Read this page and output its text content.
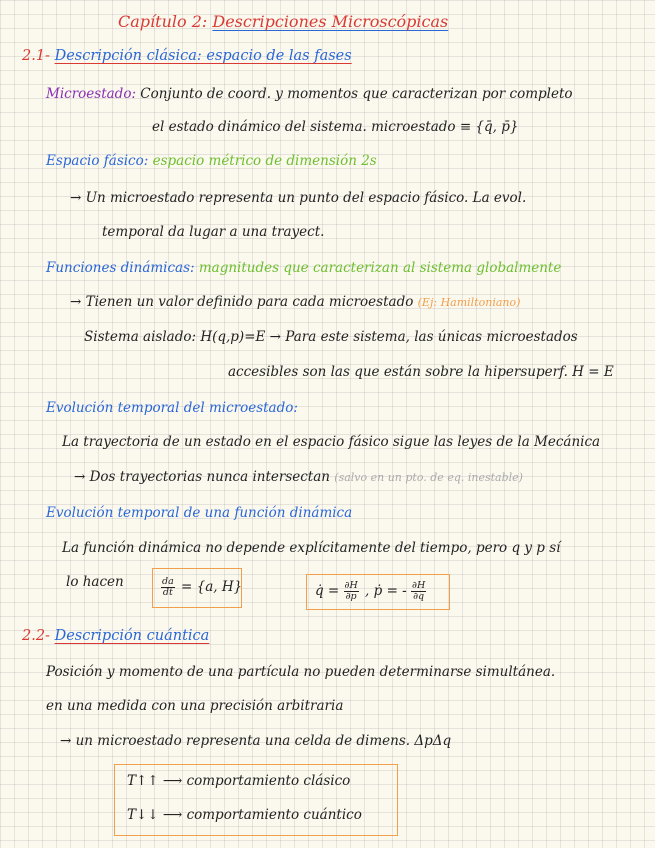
Capítulo 2: Descripciones Microscópicas
2.1- Descripción clásica: espacio de las fases
Microestado: Conjunto de coord. y momentos que caracterizan por completo
el estado dinámico del sistema. microestado ≡ {q̄, p̄}
Espacio fásico: espacio métrico de dimensión 2s
→ Un microestado representa un punto del espacio fásico. La evol.
temporal da lugar a una trayect.
Funciones dinámicas: magnitudes que caracterizan al sistema globalmente
→ Tienen un valor definido para cada microestado (Ej: Hamiltoniano)
Sistema aislado: H(q,p)=E → Para este sistema, las únicas microestados
accesibles son las que están sobre la hipersuperf. H = E
Evolución temporal del microestado:
La trayectoria de un estado en el espacio fásico sigue las leyes de la Mecánica
→ Dos trayectorias nunca intersectan (salvo en un pto. de eq. inestable)
Evolución temporal de una función dinámica
La función dinámica no depende explícitamente del tiempo, pero q y p sí
lo hacen	$\frac{da}{dt} = \{a$, H}	q̇ = $\frac{\partial H}{\partial p}$ , ṗ = - $\frac{\partial H}{\partial q}$
2.2- Descripción cuántica
Posición y momento de una partícula no pueden determinarse simultánea.
en una medida con una precisión arbitraria
→ un microestado representa una celda de dimens. ΔpΔq
T↑↑ ⟶ comportamiento clásico
T↓↓ ⟶ comportamiento cuántico
